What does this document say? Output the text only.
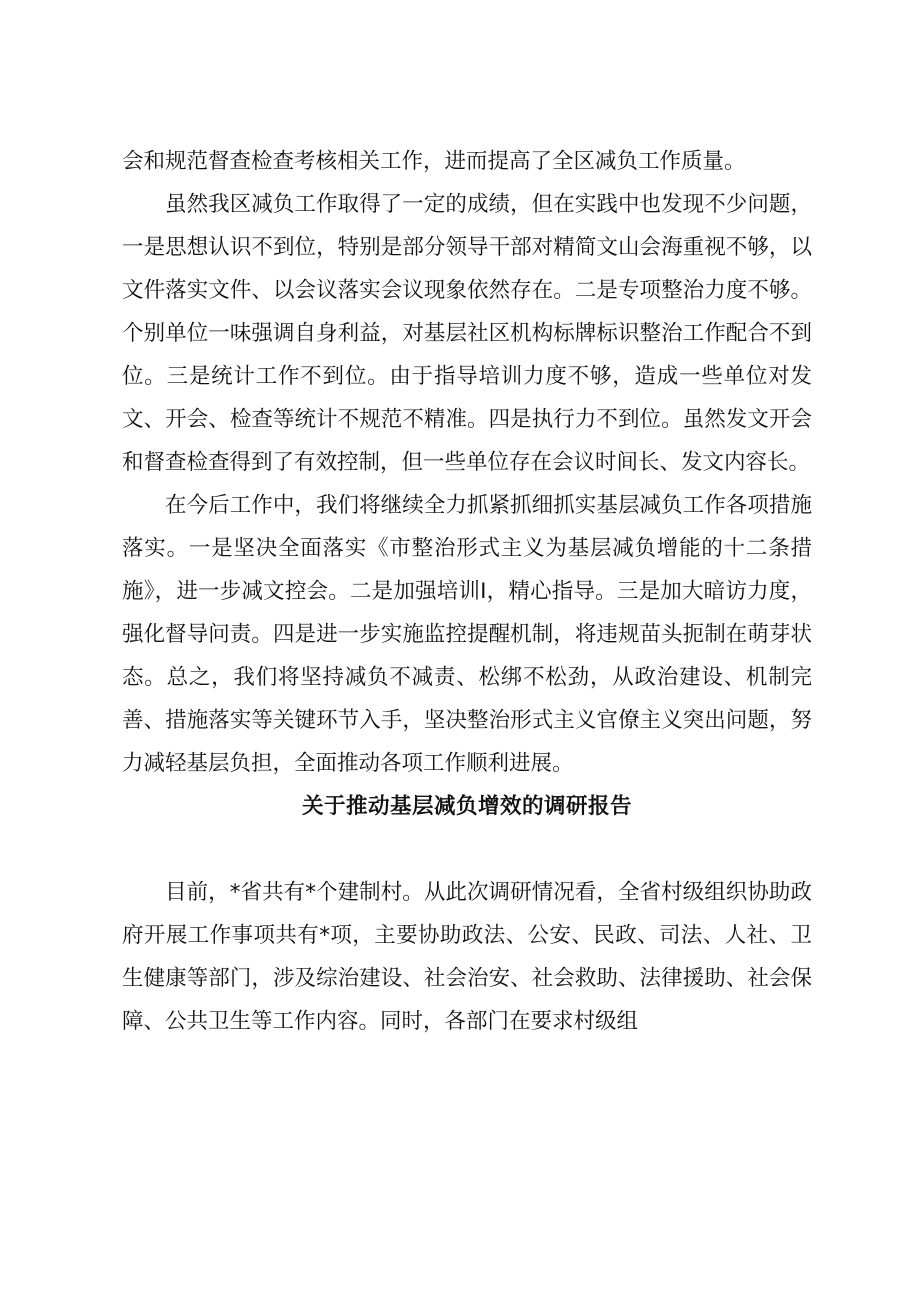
会和规范督查检查考核相关工作，进而提高了全区减负工作质量。

虽然我区减负工作取得了一定的成绩，但在实践中也发现不少问题，一是思想认识不到位，特别是部分领导干部对精简文山会海重视不够，以文件落实文件、以会议落实会议现象依然存在。二是专项整治力度不够。个别单位一味强调自身利益，对基层社区机构标牌标识整治工作配合不到位。三是统计工作不到位。由于指导培训力度不够，造成一些单位对发文、开会、检查等统计不规范不精准。四是执行力不到位。虽然发文开会和督查检查得到了有效控制，但一些单位存在会议时间长、发文内容长。

在今后工作中，我们将继续全力抓紧抓细抓实基层减负工作各项措施落实。一是坚决全面落实《市整治形式主义为基层减负增能的十二条措施》，进一步减文控会。二是加强培训I，精心指导。三是加大暗访力度，强化督导问责。四是进一步实施监控提醒机制，将违规苗头扼制在萌芽状态。总之，我们将坚持减负不减责、松绑不松劲，从政治建设、机制完善、措施落实等关键环节入手，坚决整治形式主义官僚主义突出问题，努力减轻基层负担，全面推动各项工作顺利进展。

关于推动基层减负增效的调研报告

目前，*省共有*个建制村。从此次调研情况看，全省村级组织协助政府开展工作事项共有*项，主要协助政法、公安、民政、司法、人社、卫生健康等部门，涉及综治建设、社会治安、社会救助、法律援助、社会保障、公共卫生等工作内容。同时，各部门在要求村级组
